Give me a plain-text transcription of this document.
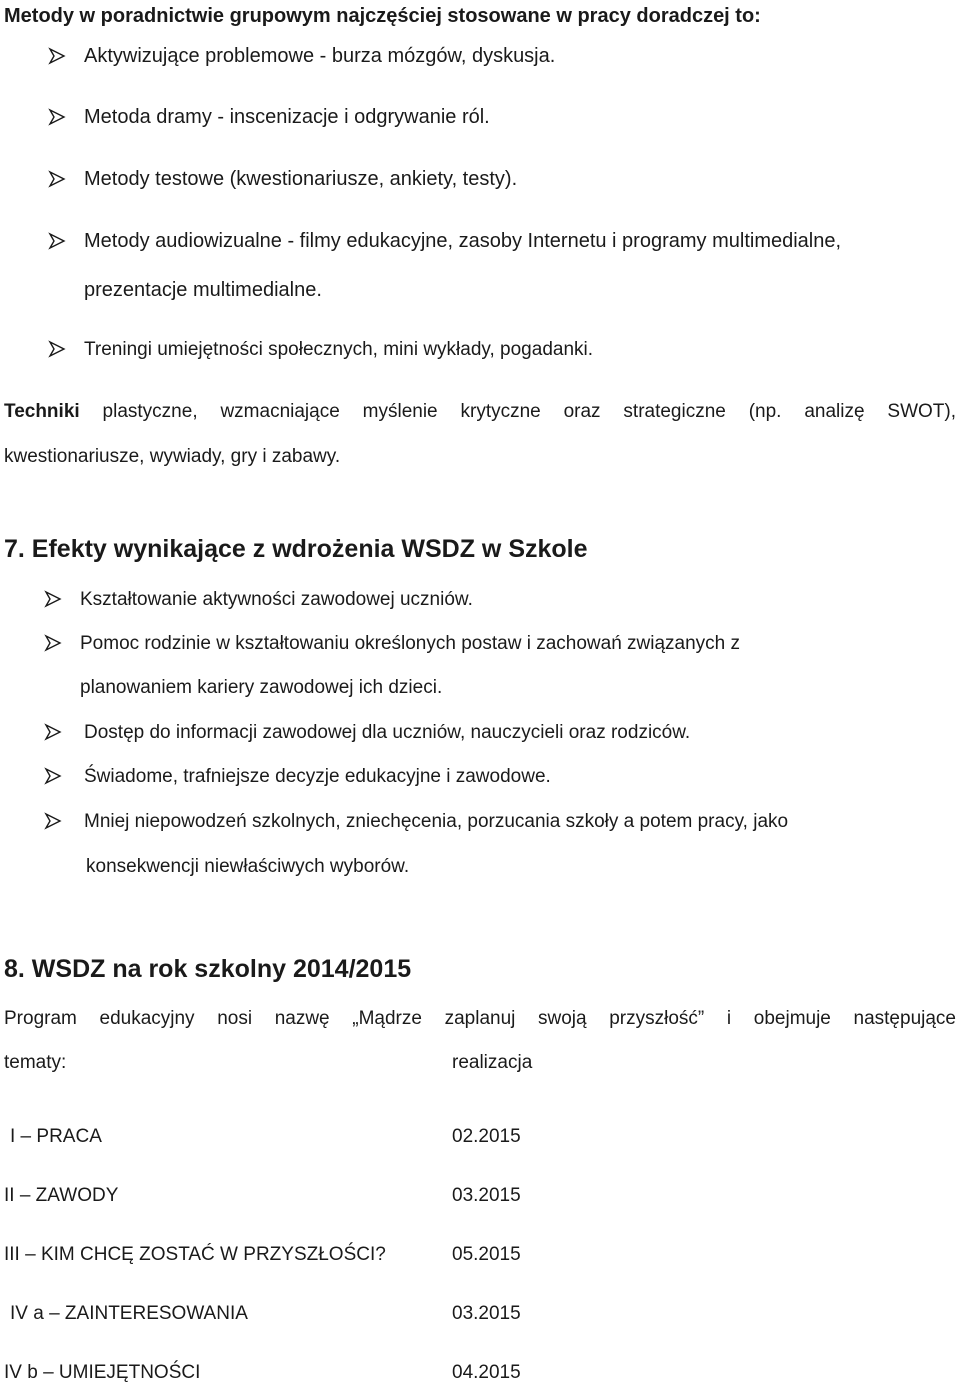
Metody w poradnictwie grupowym najczęściej stosowane w pracy doradczej to:
Aktywizujące problemowe - burza mózgów, dyskusja.
Metoda dramy - inscenizacje i odgrywanie ról.
Metody testowe (kwestionariusze, ankiety, testy).
Metody audiowizualne - filmy edukacyjne, zasoby Internetu i programy multimedialne,
prezentacje multimedialne.
Treningi umiejętności społecznych, mini wykłady, pogadanki.
Techniki plastyczne, wzmacniające myślenie krytyczne oraz strategiczne (np. analizę SWOT),
kwestionariusze, wywiady, gry i zabawy.
7. Efekty wynikające z wdrożenia WSDZ w Szkole
Kształtowanie aktywności zawodowej uczniów.
Pomoc rodzinie w kształtowaniu określonych postaw i zachowań związanych z
planowaniem kariery zawodowej ich dzieci.
Dostęp do informacji zawodowej dla uczniów, nauczycieli oraz rodziców.
Świadome, trafniejsze decyzje edukacyjne i zawodowe.
Mniej niepowodzeń szkolnych, zniechęcenia, porzucania szkoły a potem pracy, jako
konsekwencji niewłaściwych wyborów.
8. WSDZ na rok szkolny 2014/2015
Program edukacyjny nosi nazwę „Mądrze zaplanuj swoją przyszłość” i obejmuje następujące
tematy:	realizacja
I – PRACA	02.2015
II – ZAWODY	03.2015
III – KIM CHCĘ ZOSTAĆ W PRZYSZŁOŚCI?	05.2015
IV a – ZAINTERESOWANIA	03.2015
IV b – UMIEJĘTNOŚCI	04.2015
